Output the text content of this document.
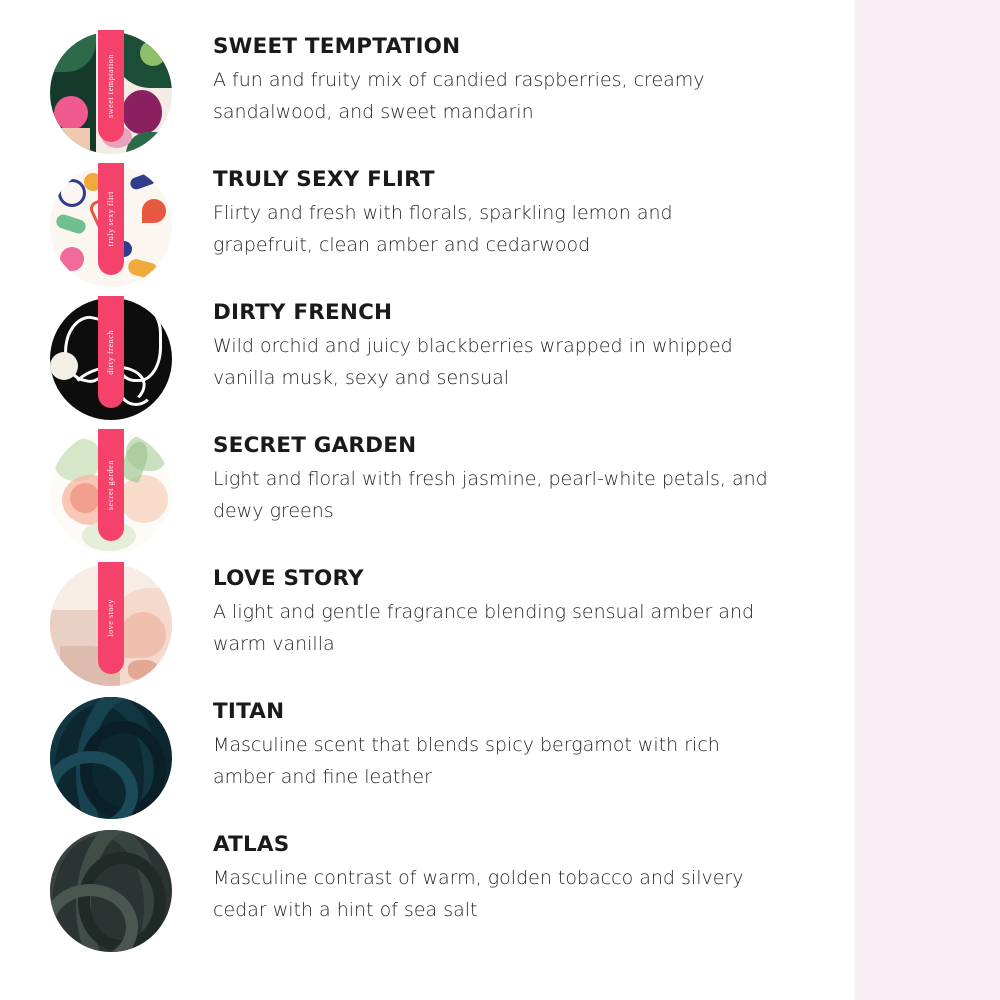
sweet temptation
SWEET TEMPTATION

A fun and fruity mix of candied raspberries, creamy sandalwood, and sweet mandarin

truly sexy flirt
TRULY SEXY FLIRT

Flirty and fresh with florals, sparkling lemon and grapefruit, clean amber and cedarwood

dirty french
DIRTY FRENCH

Wild orchid and juicy blackberries wrapped in whipped vanilla musk, sexy and sensual

secret garden
SECRET GARDEN

Light and floral with fresh jasmine, pearl-white petals, and dewy greens

love story
LOVE STORY

A light and gentle fragrance blending sensual amber and warm vanilla

TITAN

Masculine scent that blends spicy bergamot with rich amber and fine leather

ATLAS

Masculine contrast of warm, golden tobacco and silvery cedar with a hint of sea salt
